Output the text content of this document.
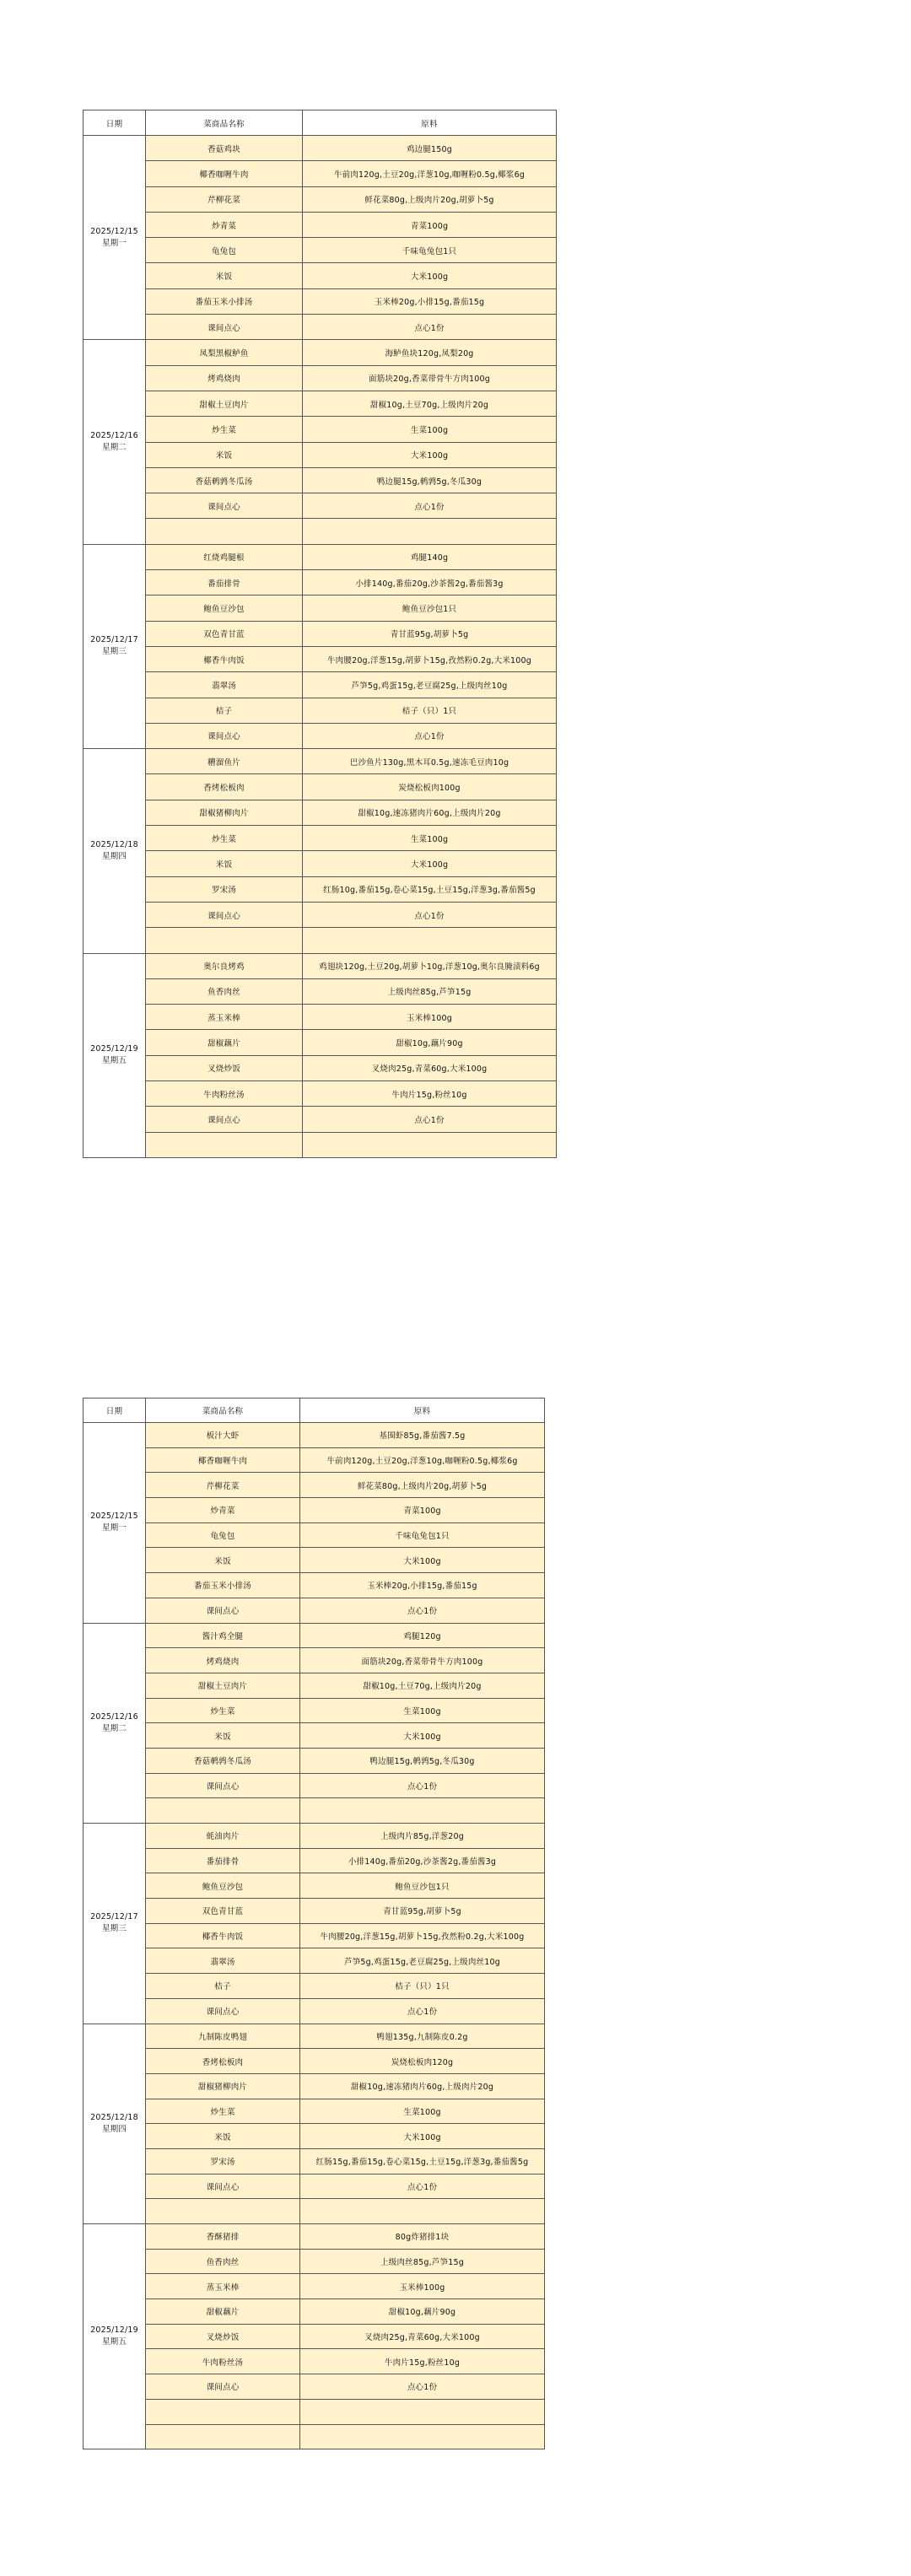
日期	菜商品名称	原料

2025/12/15
星期一	香菇鸡块	鸡边腿150g
	椰香咖喱牛肉	牛前肉120g,土豆20g,洋葱10g,咖喱粉0.5g,椰浆6g
	芹柳花菜	鲜花菜80g,上级肉片20g,胡萝卜5g
	炒青菜	青菜100g
	龟兔包	千味龟兔包1只
	米饭	大米100g
	番茄玉米小排汤	玉米棒20g,小排15g,番茄15g
	课间点心	点心1份

2025/12/16
星期二	凤梨黑椒鲈鱼	海鲈鱼块120g,凤梨20g
	烤鸡烧肉	面筋块20g,香菜带骨牛方肉100g
	甜椒土豆肉片	甜椒10g,土豆70g,上级肉片20g
	炒生菜	生菜100g
	米饭	大米100g
	香菇鹌鹑冬瓜汤	鸭边腿15g,鹌鹑5g,冬瓜30g
	课间点心	点心1份

2025/12/17
星期三	红烧鸡腿根	鸡腿140g
	番茄排骨	小排140g,番茄20g,沙茶酱2g,番茄酱3g
	鲍鱼豆沙包	鲍鱼豆沙包1只
	双色青甘蓝	青甘蓝95g,胡萝卜5g
	椰香牛肉饭	牛肉腰20g,洋葱15g,胡萝卜15g,孜然粉0.2g,大米100g
	翡翠汤	芦笋5g,鸡蛋15g,老豆腐25g,上级肉丝10g
	桔子	桔子（只）1只
	课间点心	点心1份

2025/12/18
星期四	糟溜鱼片	巴沙鱼片130g,黑木耳0.5g,速冻毛豆肉10g
	香烤松板肉	炭烧松板肉100g
	甜椒猪柳肉片	甜椒10g,速冻猪肉片60g,上级肉片20g
	炒生菜	生菜100g
	米饭	大米100g
	罗宋汤	红肠10g,番茄15g,卷心菜15g,土豆15g,洋葱3g,番茄酱5g
	课间点心	点心1份

2025/12/19
星期五	奥尔良烤鸡	鸡翅块120g,土豆20g,胡萝卜10g,洋葱10g,奥尔良腌渍料6g
	鱼香肉丝	上级肉丝85g,芦笋15g
	蒸玉米棒	玉米棒100g
	甜椒藕片	甜椒10g,藕片90g
	叉烧炒饭	叉烧肉25g,青菜60g,大米100g
	牛肉粉丝汤	牛肉片15g,粉丝10g
	课间点心	点心1份

日期	菜商品名称	原料

2025/12/15
星期一	板汁大虾	基围虾85g,番茄酱7.5g
	椰香咖喱牛肉	牛前肉120g,土豆20g,洋葱10g,咖喱粉0.5g,椰浆6g
	芹柳花菜	鲜花菜80g,上级肉片20g,胡萝卜5g
	炒青菜	青菜100g
	龟兔包	千味龟兔包1只
	米饭	大米100g
	番茄玉米小排汤	玉米棒20g,小排15g,番茄15g
	课间点心	点心1份

2025/12/16
星期二	酱汁鸡全腿	鸡腿120g
	烤鸡烧肉	面筋块20g,香菜带骨牛方肉100g
	甜椒土豆肉片	甜椒10g,土豆70g,上级肉片20g
	炒生菜	生菜100g
	米饭	大米100g
	香菇鹌鹑冬瓜汤	鸭边腿15g,鹌鹑5g,冬瓜30g
	课间点心	点心1份

2025/12/17
星期三	蚝油肉片	上级肉片85g,洋葱20g
	番茄排骨	小排140g,番茄20g,沙茶酱2g,番茄酱3g
	鲍鱼豆沙包	鲍鱼豆沙包1只
	双色青甘蓝	青甘蓝95g,胡萝卜5g
	椰香牛肉饭	牛肉腰20g,洋葱15g,胡萝卜15g,孜然粉0.2g,大米100g
	翡翠汤	芦笋5g,鸡蛋15g,老豆腐25g,上级肉丝10g
	桔子	桔子（只）1只
	课间点心	点心1份

2025/12/18
星期四	九制陈皮鸭翅	鸭翅135g,九制陈皮0.2g
	香烤松板肉	炭烧松板肉120g
	甜椒猪柳肉片	甜椒10g,速冻猪肉片60g,上级肉片20g
	炒生菜	生菜100g
	米饭	大米100g
	罗宋汤	红肠15g,番茄15g,卷心菜15g,土豆15g,洋葱3g,番茄酱5g
	课间点心	点心1份

2025/12/19
星期五	香酥猪排	80g炸猪排1块
	鱼香肉丝	上级肉丝85g,芦笋15g
	蒸玉米棒	玉米棒100g
	甜椒藕片	甜椒10g,藕片90g
	叉烧炒饭	叉烧肉25g,青菜60g,大米100g
	牛肉粉丝汤	牛肉片15g,粉丝10g
	课间点心	点心1份
